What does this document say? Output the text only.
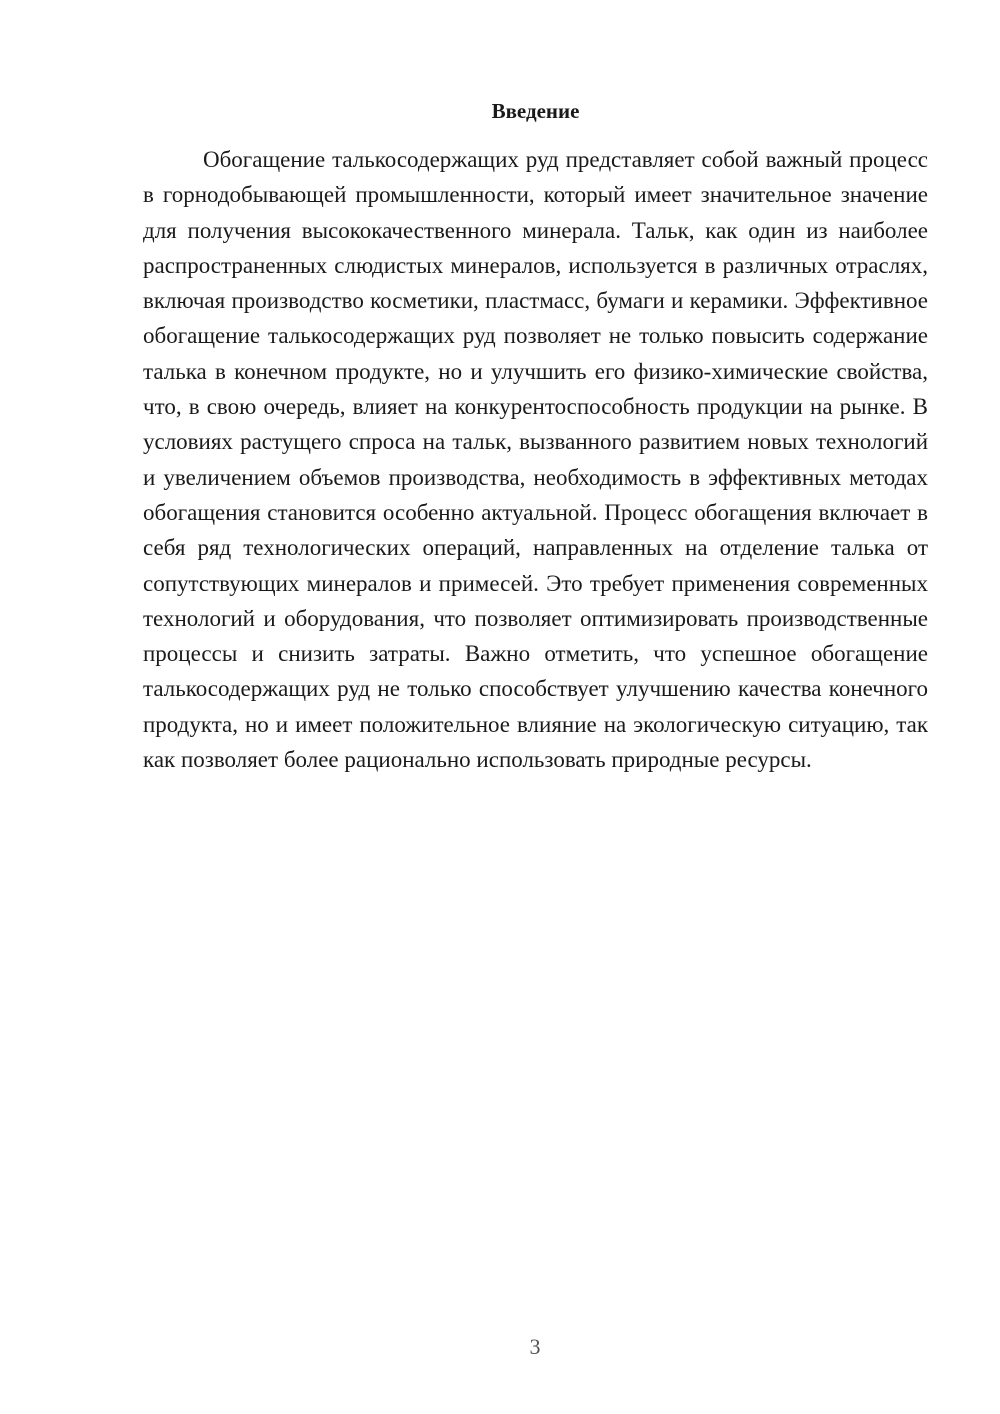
Введение

Обогащение талькосодержащих руд представляет собой важный процесс в горнодобывающей промышленности, который имеет значительное значение для получения высококачественного минерала. Тальк, как один из наиболее распространенных слюдистых минералов, используется в различных отраслях, включая производство косметики, пластмасс, бумаги и керамики. Эффективное обогащение талькосодержащих руд позволяет не только повысить содержание талька в конечном продукте, но и улучшить его физико-химические свойства, что, в свою очередь, влияет на конкурентоспособность продукции на рынке. В условиях растущего спроса на тальк, вызванного развитием новых технологий и увеличением объемов производства, необходимость в эффективных методах обогащения становится особенно актуальной. Процесс обогащения включает в себя ряд технологических операций, направленных на отделение талька от сопутствующих минералов и примесей. Это требует применения современных технологий и оборудования, что позволяет оптимизировать производственные процессы и снизить затраты. Важно отметить, что успешное обогащение талькосодержащих руд не только способствует улучшению качества конечного продукта, но и имеет положительное влияние на экологическую ситуацию, так как позволяет более рационально использовать природные ресурсы.

3
